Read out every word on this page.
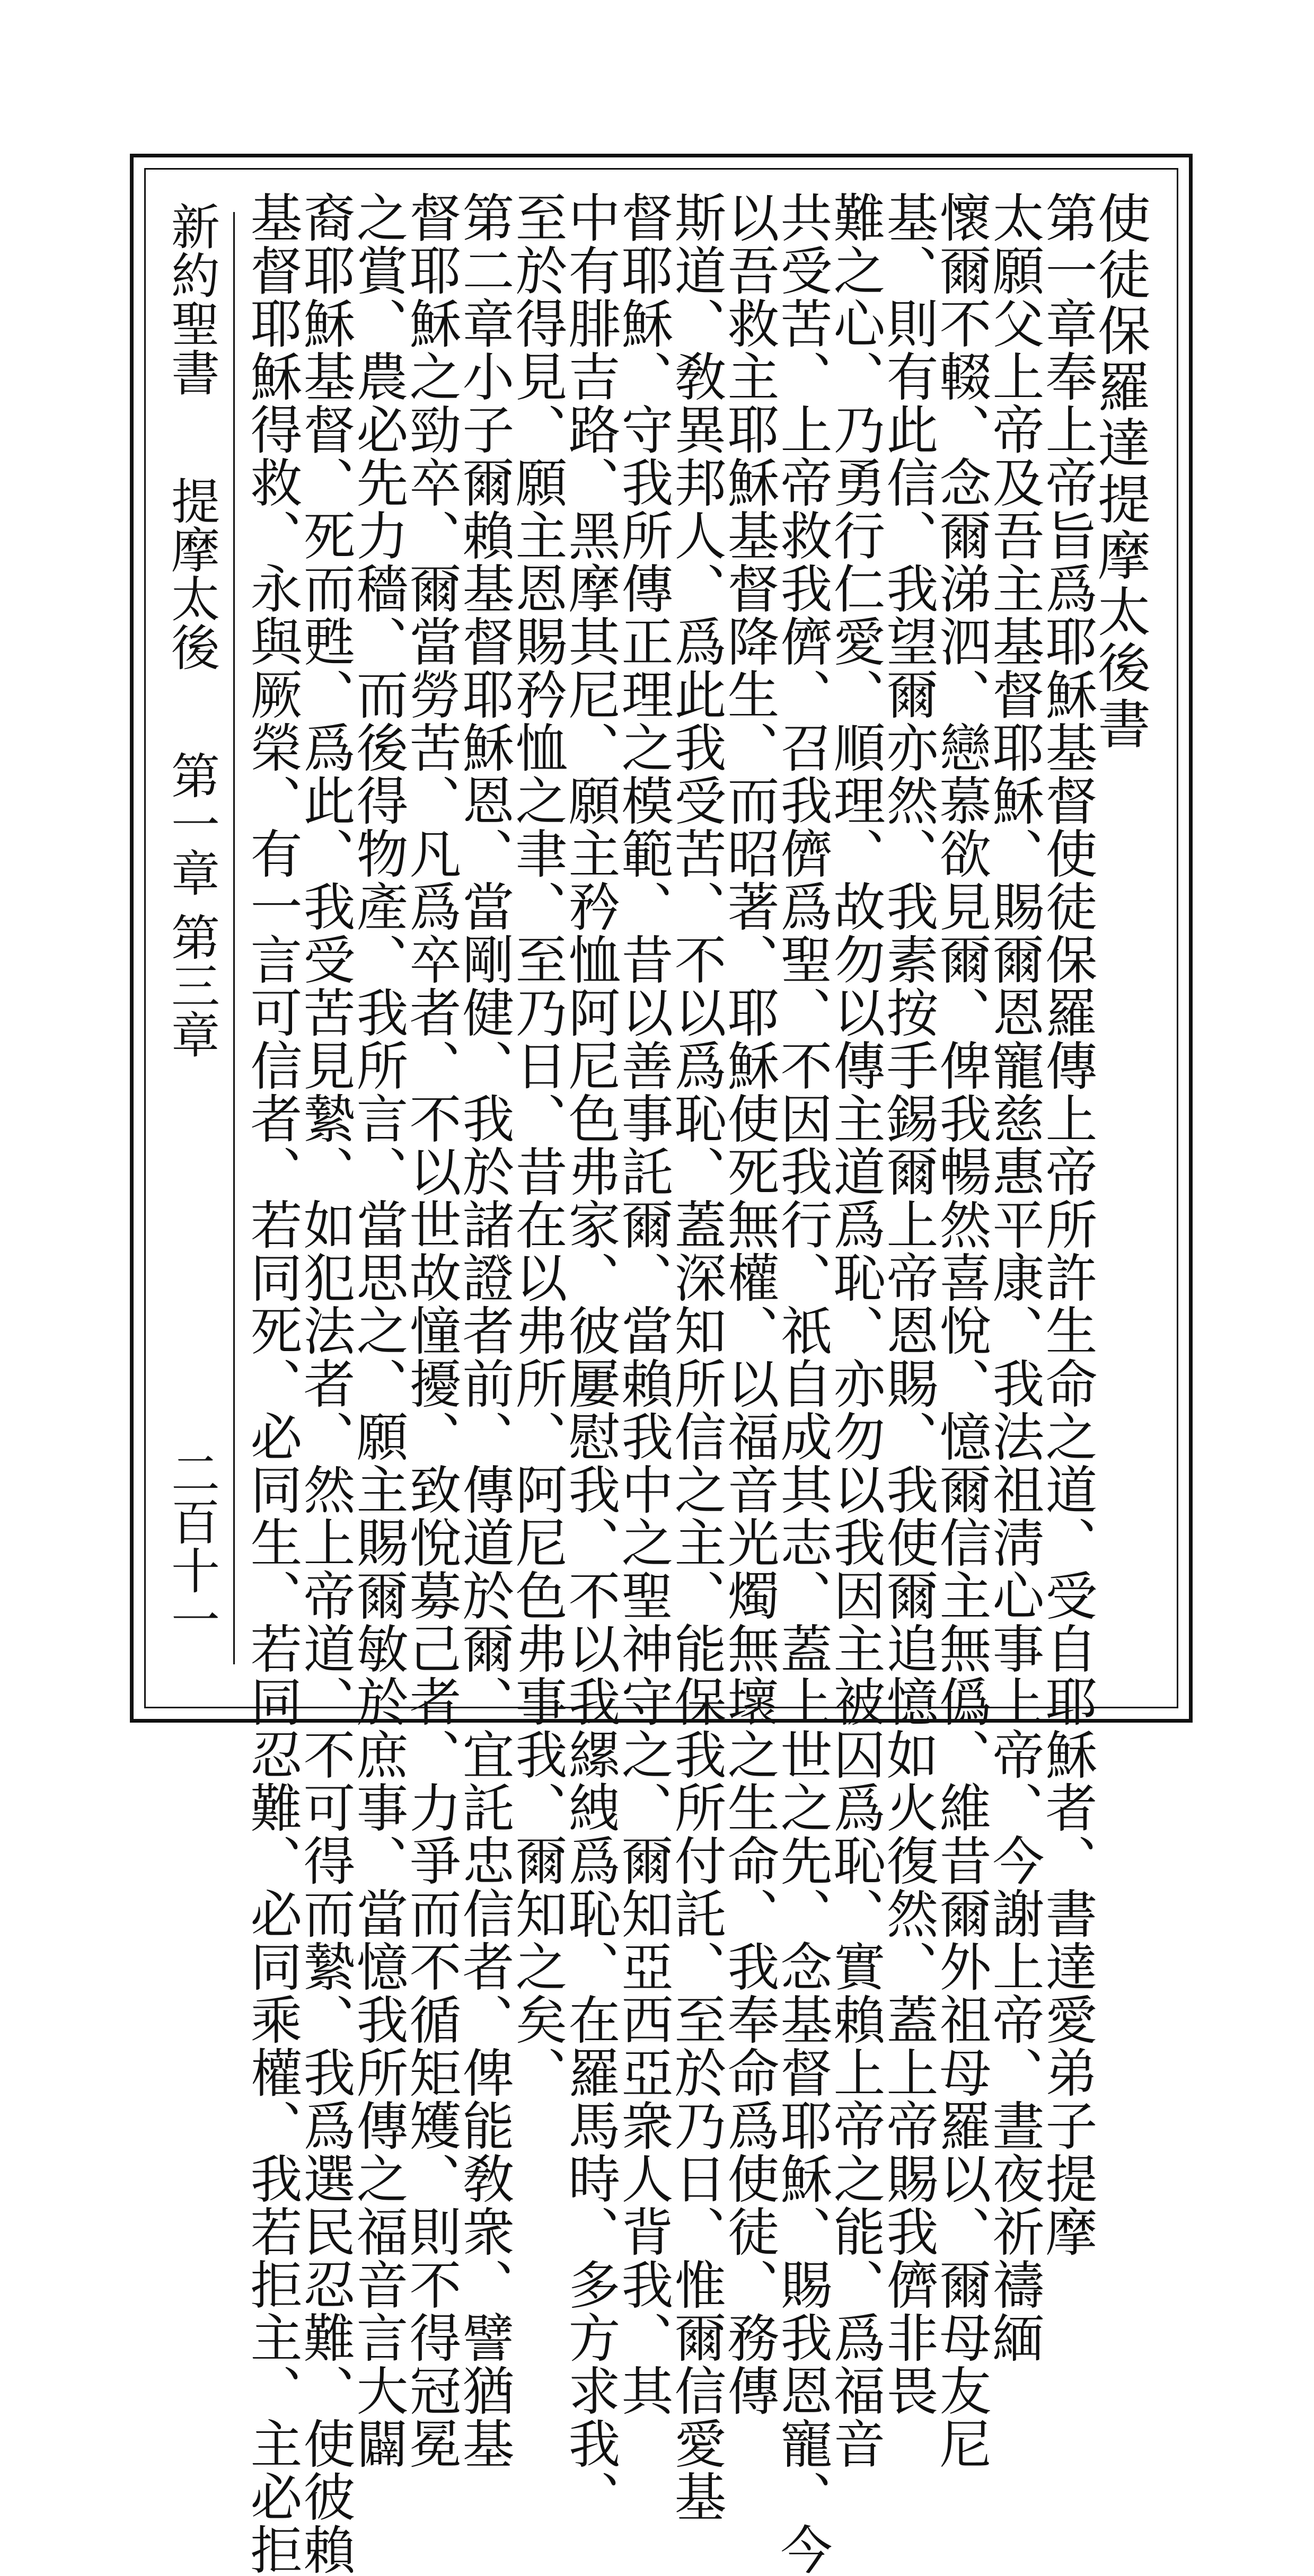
使徒保羅達提摩太後書
第一章奉上帝旨爲耶穌基督使徒保羅傳上帝所許生命之道、受自耶穌者、書達愛弟子提摩
太願父上帝及吾主基督耶穌、賜爾恩寵慈惠平康、我法祖淸心事上帝、今謝上帝、晝夜祈禱緬
懷爾不輟、念爾涕泗、戀慕欲見爾、俾我暢然喜悅、憶爾信主無僞、維昔爾外祖母羅以、爾母友尼
基、則有此信、我望爾亦然、我素按手錫爾上帝恩賜、我使爾追憶如火復然、蓋上帝賜我儕非畏
難之心、乃勇行仁愛、順理、故勿以傳主道爲恥、亦勿以我因主被囚爲恥、實賴上帝之能、爲福音
共受苦、上帝救我儕、召我儕爲聖、不因我行、祇自成其志、蓋上世之先、念基督耶穌、賜我恩寵、今
以吾救主耶穌基督降生、而昭著、耶穌使死無權、以福音光燭無壞之生命、我奉命爲使徒、務傳
斯道、敎異邦人、爲此我受苦、不以爲恥、蓋深知所信之主、能保我所付託、至於乃日、惟爾信愛基
督耶穌、守我所傳正理之模範、昔以善事託爾、當賴我中之聖神守之、爾知亞西亞衆人背我、其
中有腓吉路、黑摩其尼、願主矜恤阿尼色弗家、彼屢慰我、不以我縲絏爲恥、在羅馬時、多方求我、
至於得見、願主恩賜矜恤之聿、至乃日、昔在以弗所、阿尼色弗事我、爾知之矣、
第二章小子爾賴基督耶穌恩、當剛健、我於諸證者前、傳道於爾、宜託忠信者、俾能敎衆、譬猶基
督耶穌之勁卒、爾當勞苦、凡爲卒者、不以世故憧擾、致悅募己者、力爭而不循矩矱、則不得冠冕
之賞、農必先力穡、而後得物產、我所言、當思之、願主賜爾敏於庶事、當憶我所傳之福音言大闢
裔耶穌基督、死而甦、爲此、我受苦見縶、如犯法者、然上帝道、不可得而縶、我爲選民忍難、使彼賴
基督耶穌得救、永與厥榮、有一言可信者、若同死、必同生、若同忍難、必同乘權、我若拒主、主必拒
新約聖書提摩太後第一章 第三章
二百十一
